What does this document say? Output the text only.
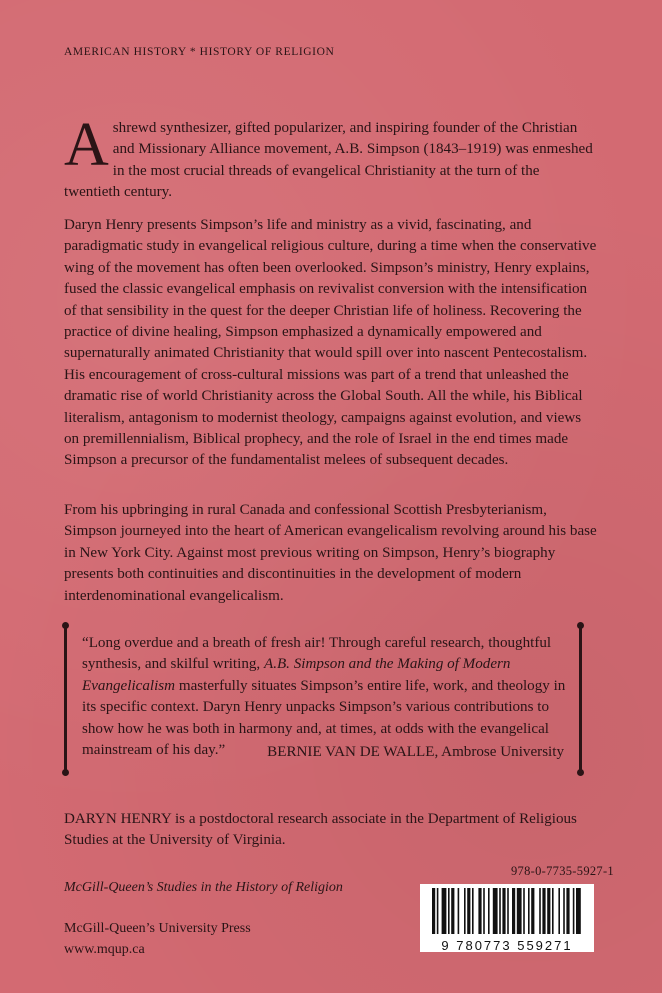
AMERICAN HISTORY * HISTORY OF RELIGION
A shrewd synthesizer, gifted popularizer, and inspiring founder of the Christian and Missionary Alliance movement, A.B. Simpson (1843–1919) was enmeshed in the most crucial threads of evangelical Christianity at the turn of the twentieth century.
Daryn Henry presents Simpson’s life and ministry as a vivid, fascinating, and paradigmatic study in evangelical religious culture, during a time when the conservative wing of the movement has often been overlooked. Simpson’s ministry, Henry explains, fused the classic evangelical emphasis on revivalist conversion with the intensification of that sensibility in the quest for the deeper Christian life of holiness. Recovering the practice of divine healing, Simpson emphasized a dynamically empowered and supernaturally animated Christianity that would spill over into nascent Pentecostalism. His encouragement of cross-cultural missions was part of a trend that unleashed the dramatic rise of world Christianity across the Global South. All the while, his Biblical literalism, antagonism to modernist theology, campaigns against evolution, and views on premillennialism, Biblical prophecy, and the role of Israel in the end times made Simpson a precursor of the fundamentalist melees of subsequent decades.
From his upbringing in rural Canada and confessional Scottish Presbyterianism, Simpson journeyed into the heart of American evangelicalism revolving around his base in New York City. Against most previous writing on Simpson, Henry’s biography presents both continuities and discontinuities in the development of modern interdenominational evangelicalism.
“Long overdue and a breath of fresh air! Through careful research, thoughtful synthesis, and skilful writing, A.B. Simpson and the Making of Modern Evangelicalism masterfully situates Simpson’s entire life, work, and theology in its specific context. Daryn Henry unpacks Simpson’s various contributions to show how he was both in harmony and, at times, at odds with the evangelical mainstream of his day.”	BERNIE VAN DE WALLE, Ambrose University
DARYN HENRY is a postdoctoral research associate in the Department of Religious Studies at the University of Virginia.
McGill-Queen’s Studies in the History of Religion
McGill-Queen’s University Press
www.mqup.ca
978-0-7735-5927-1
9 780773 559271
